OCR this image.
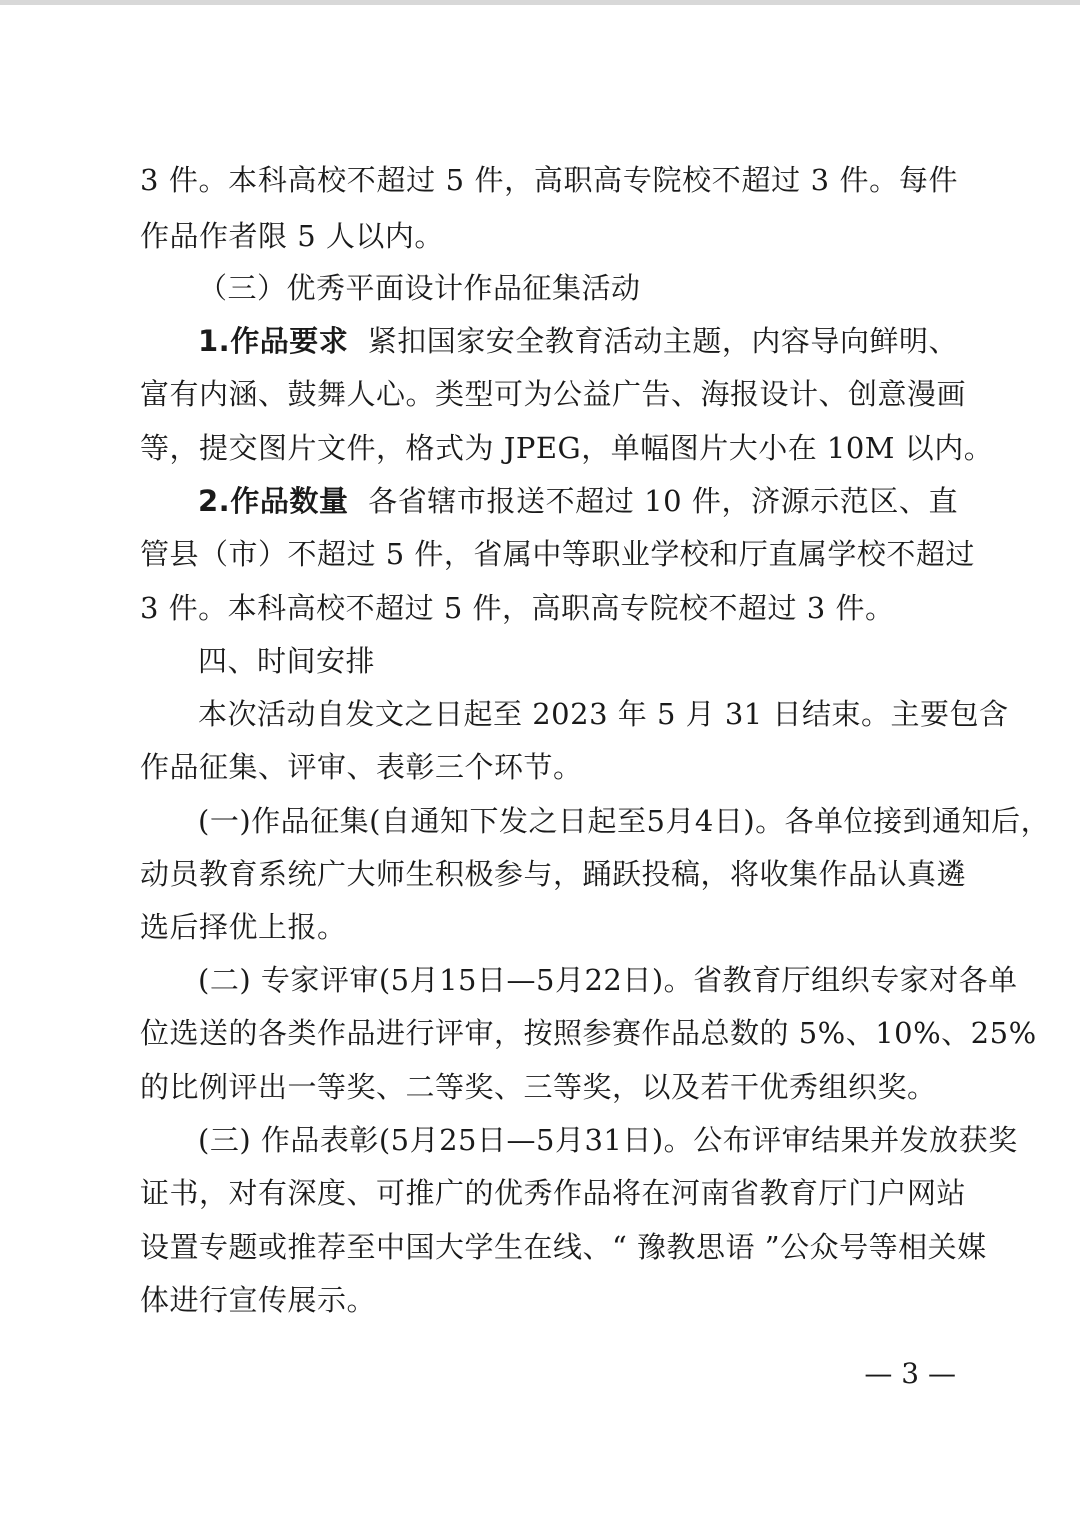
3 件。本科高校不超过 5 件，高职高专院校不超过 3 件。每件
作品作者限 5 人以内。
（三）优秀平面设计作品征集活动
1.作品要求 紧扣国家安全教育活动主题，内容导向鲜明、
富有内涵、鼓舞人心。类型可为公益广告、海报设计、创意漫画
等，提交图片文件，格式为 JPEG，单幅图片大小在 10M 以内。
2.作品数量 各省辖市报送不超过 10 件，济源示范区、直
管县（市）不超过 5 件，省属中等职业学校和厅直属学校不超过
3 件。本科高校不超过 5 件，高职高专院校不超过 3 件。
四、时间安排
本次活动自发文之日起至 2023 年 5 月 31 日结束。主要包含
作品征集、评审、表彰三个环节。
(一)作品征集(自通知下发之日起至5月4日)。各单位接到通知后，
动员教育系统广大师生积极参与，踊跃投稿，将收集作品认真遴
选后择优上报。
(二) 专家评审(5月15日—5月22日)。省教育厅组织专家对各单
位选送的各类作品进行评审，按照参赛作品总数的 5%、10%、25%
的比例评出一等奖、二等奖、三等奖，以及若干优秀组织奖。
(三) 作品表彰(5月25日—5月31日)。公布评审结果并发放获奖
证书，对有深度、可推广的优秀作品将在河南省教育厅门户网站
设置专题或推荐至中国大学生在线、“ 豫教思语 ”公众号等相关媒
体进行宣传展示。
— 3 —
